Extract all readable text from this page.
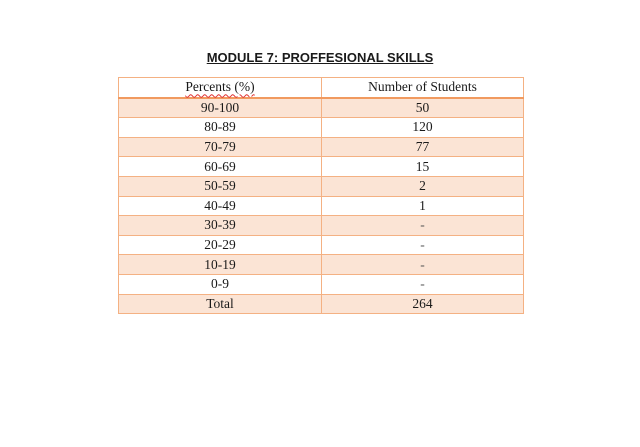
MODULE 7: PROFFESIONAL SKILLS
Percents (%)	Number of Students
90-100	50
80-89	120
70-79	77
60-69	15
50-59	2
40-49	1
30-39	-
20-29	-
10-19	-
0-9	-
Total	264
